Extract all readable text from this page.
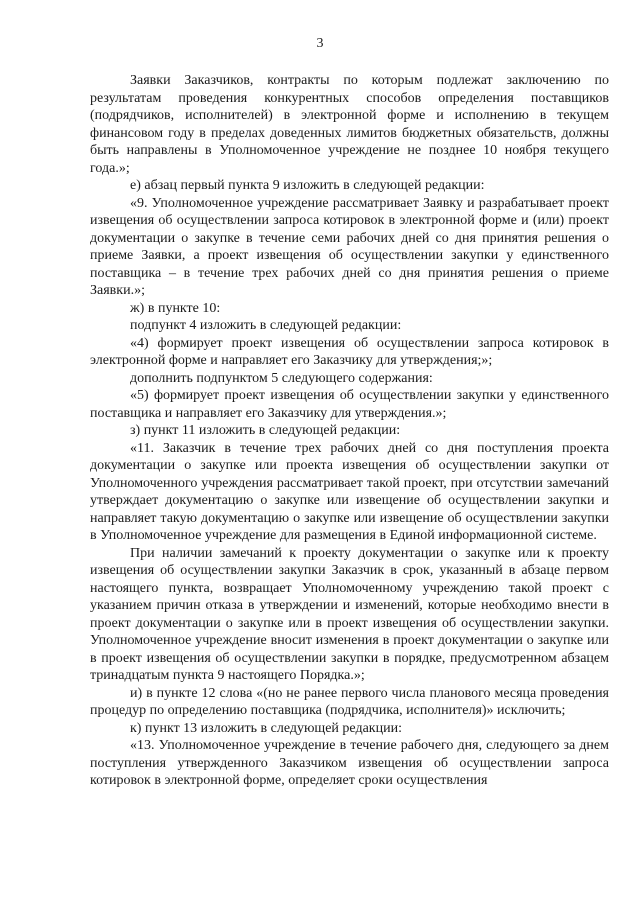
3

Заявки Заказчиков, контракты по которым подлежат заключению по результатам проведения конкурентных способов определения поставщиков (подрядчиков, исполнителей) в электронной форме и исполнению в текущем финансовом году в пределах доведенных лимитов бюджетных обязательств, должны быть направлены в Уполномоченное учреждение не позднее 10 ноября текущего года.»;

е) абзац первый пункта 9 изложить в следующей редакции:

«9. Уполномоченное учреждение рассматривает Заявку и разрабатывает проект извещения об осуществлении запроса котировок в электронной форме и (или) проект документации о закупке в течение семи рабочих дней со дня принятия решения о приеме Заявки, а проект извещения об осуществлении закупки у единственного поставщика – в течение трех рабочих дней со дня принятия решения о приеме Заявки.»;

ж) в пункте 10:

подпункт 4 изложить в следующей редакции:

«4) формирует проект извещения об осуществлении запроса котировок в электронной форме и направляет его Заказчику для утверждения;»;

дополнить подпунктом 5 следующего содержания:

«5) формирует проект извещения об осуществлении закупки у единственного поставщика и направляет его Заказчику для утверждения.»;

з) пункт 11 изложить в следующей редакции:

«11. Заказчик в течение трех рабочих дней со дня поступления проекта документации о закупке или проекта извещения об осуществлении закупки от Уполномоченного учреждения рассматривает такой проект, при отсутствии замечаний утверждает документацию о закупке или извещение об осуществлении закупки и направляет такую документацию о закупке или извещение об осуществлении закупки в Уполномоченное учреждение для размещения в Единой информационной системе.

При наличии замечаний к проекту документации о закупке или к проекту извещения об осуществлении закупки Заказчик в срок, указанный в абзаце первом настоящего пункта, возвращает Уполномоченному учреждению такой проект с указанием причин отказа в утверждении и изменений, которые необходимо внести в проект документации о закупке или в проект извещения об осуществлении закупки. Уполномоченное учреждение вносит изменения в проект документации о закупке или в проект извещения об осуществлении закупки в порядке, предусмотренном абзацем тринадцатым пункта 9 настоящего Порядка.»;

и) в пункте 12 слова «(но не ранее первого числа планового месяца проведения процедур по определению поставщика (подрядчика, исполнителя)» исключить;

к) пункт 13 изложить в следующей редакции:

«13. Уполномоченное учреждение в течение рабочего дня, следующего за днем поступления утвержденного Заказчиком извещения об осуществлении запроса котировок в электронной форме, определяет сроки осуществления
